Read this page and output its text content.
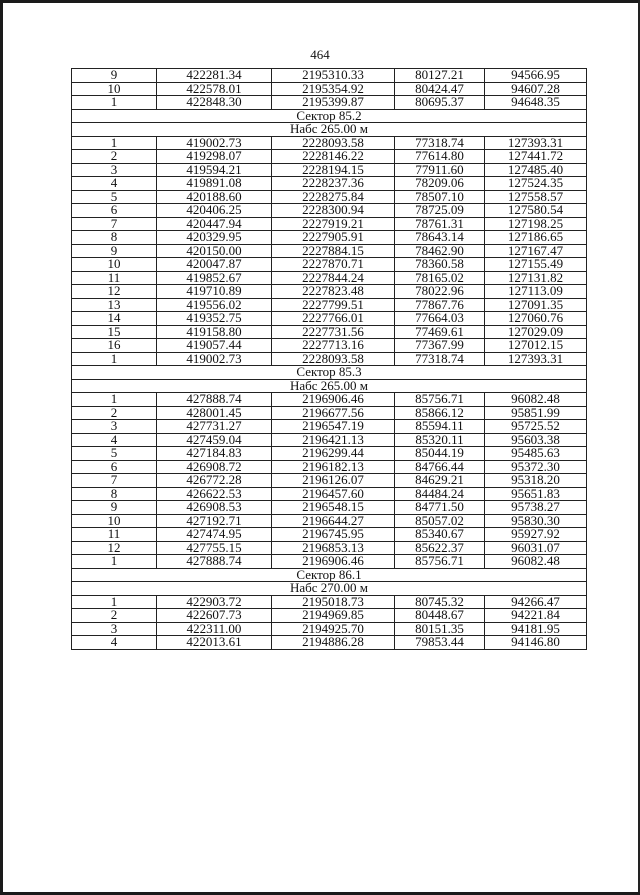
464
9	422281.34	2195310.33	80127.21	94566.95
10	422578.01	2195354.92	80424.47	94607.28
1	422848.30	2195399.87	80695.37	94648.35
Сектор 85.2				
Набс 265.00 м				
1	419002.73	2228093.58	77318.74	127393.31
2	419298.07	2228146.22	77614.80	127441.72
3	419594.21	2228194.15	77911.60	127485.40
4	419891.08	2228237.36	78209.06	127524.35
5	420188.60	2228275.84	78507.10	127558.57
6	420406.25	2228300.94	78725.09	127580.54
7	420447.94	2227919.21	78761.31	127198.25
8	420329.95	2227905.91	78643.14	127186.65
9	420150.00	2227884.15	78462.90	127167.47
10	420047.87	2227870.71	78360.58	127155.49
11	419852.67	2227844.24	78165.02	127131.82
12	419710.89	2227823.48	78022.96	127113.09
13	419556.02	2227799.51	77867.76	127091.35
14	419352.75	2227766.01	77664.03	127060.76
15	419158.80	2227731.56	77469.61	127029.09
16	419057.44	2227713.16	77367.99	127012.15
1	419002.73	2228093.58	77318.74	127393.31
Сектор 85.3				
Набс 265.00 м				
1	427888.74	2196906.46	85756.71	96082.48
2	428001.45	2196677.56	85866.12	95851.99
3	427731.27	2196547.19	85594.11	95725.52
4	427459.04	2196421.13	85320.11	95603.38
5	427184.83	2196299.44	85044.19	95485.63
6	426908.72	2196182.13	84766.44	95372.30
7	426772.28	2196126.07	84629.21	95318.20
8	426622.53	2196457.60	84484.24	95651.83
9	426908.53	2196548.15	84771.50	95738.27
10	427192.71	2196644.27	85057.02	95830.30
11	427474.95	2196745.95	85340.67	95927.92
12	427755.15	2196853.13	85622.37	96031.07
1	427888.74	2196906.46	85756.71	96082.48
Сектор 86.1				
Набс 270.00 м				
1	422903.72	2195018.73	80745.32	94266.47
2	422607.73	2194969.85	80448.67	94221.84
3	422311.00	2194925.70	80151.35	94181.95
4	422013.61	2194886.28	79853.44	94146.80
